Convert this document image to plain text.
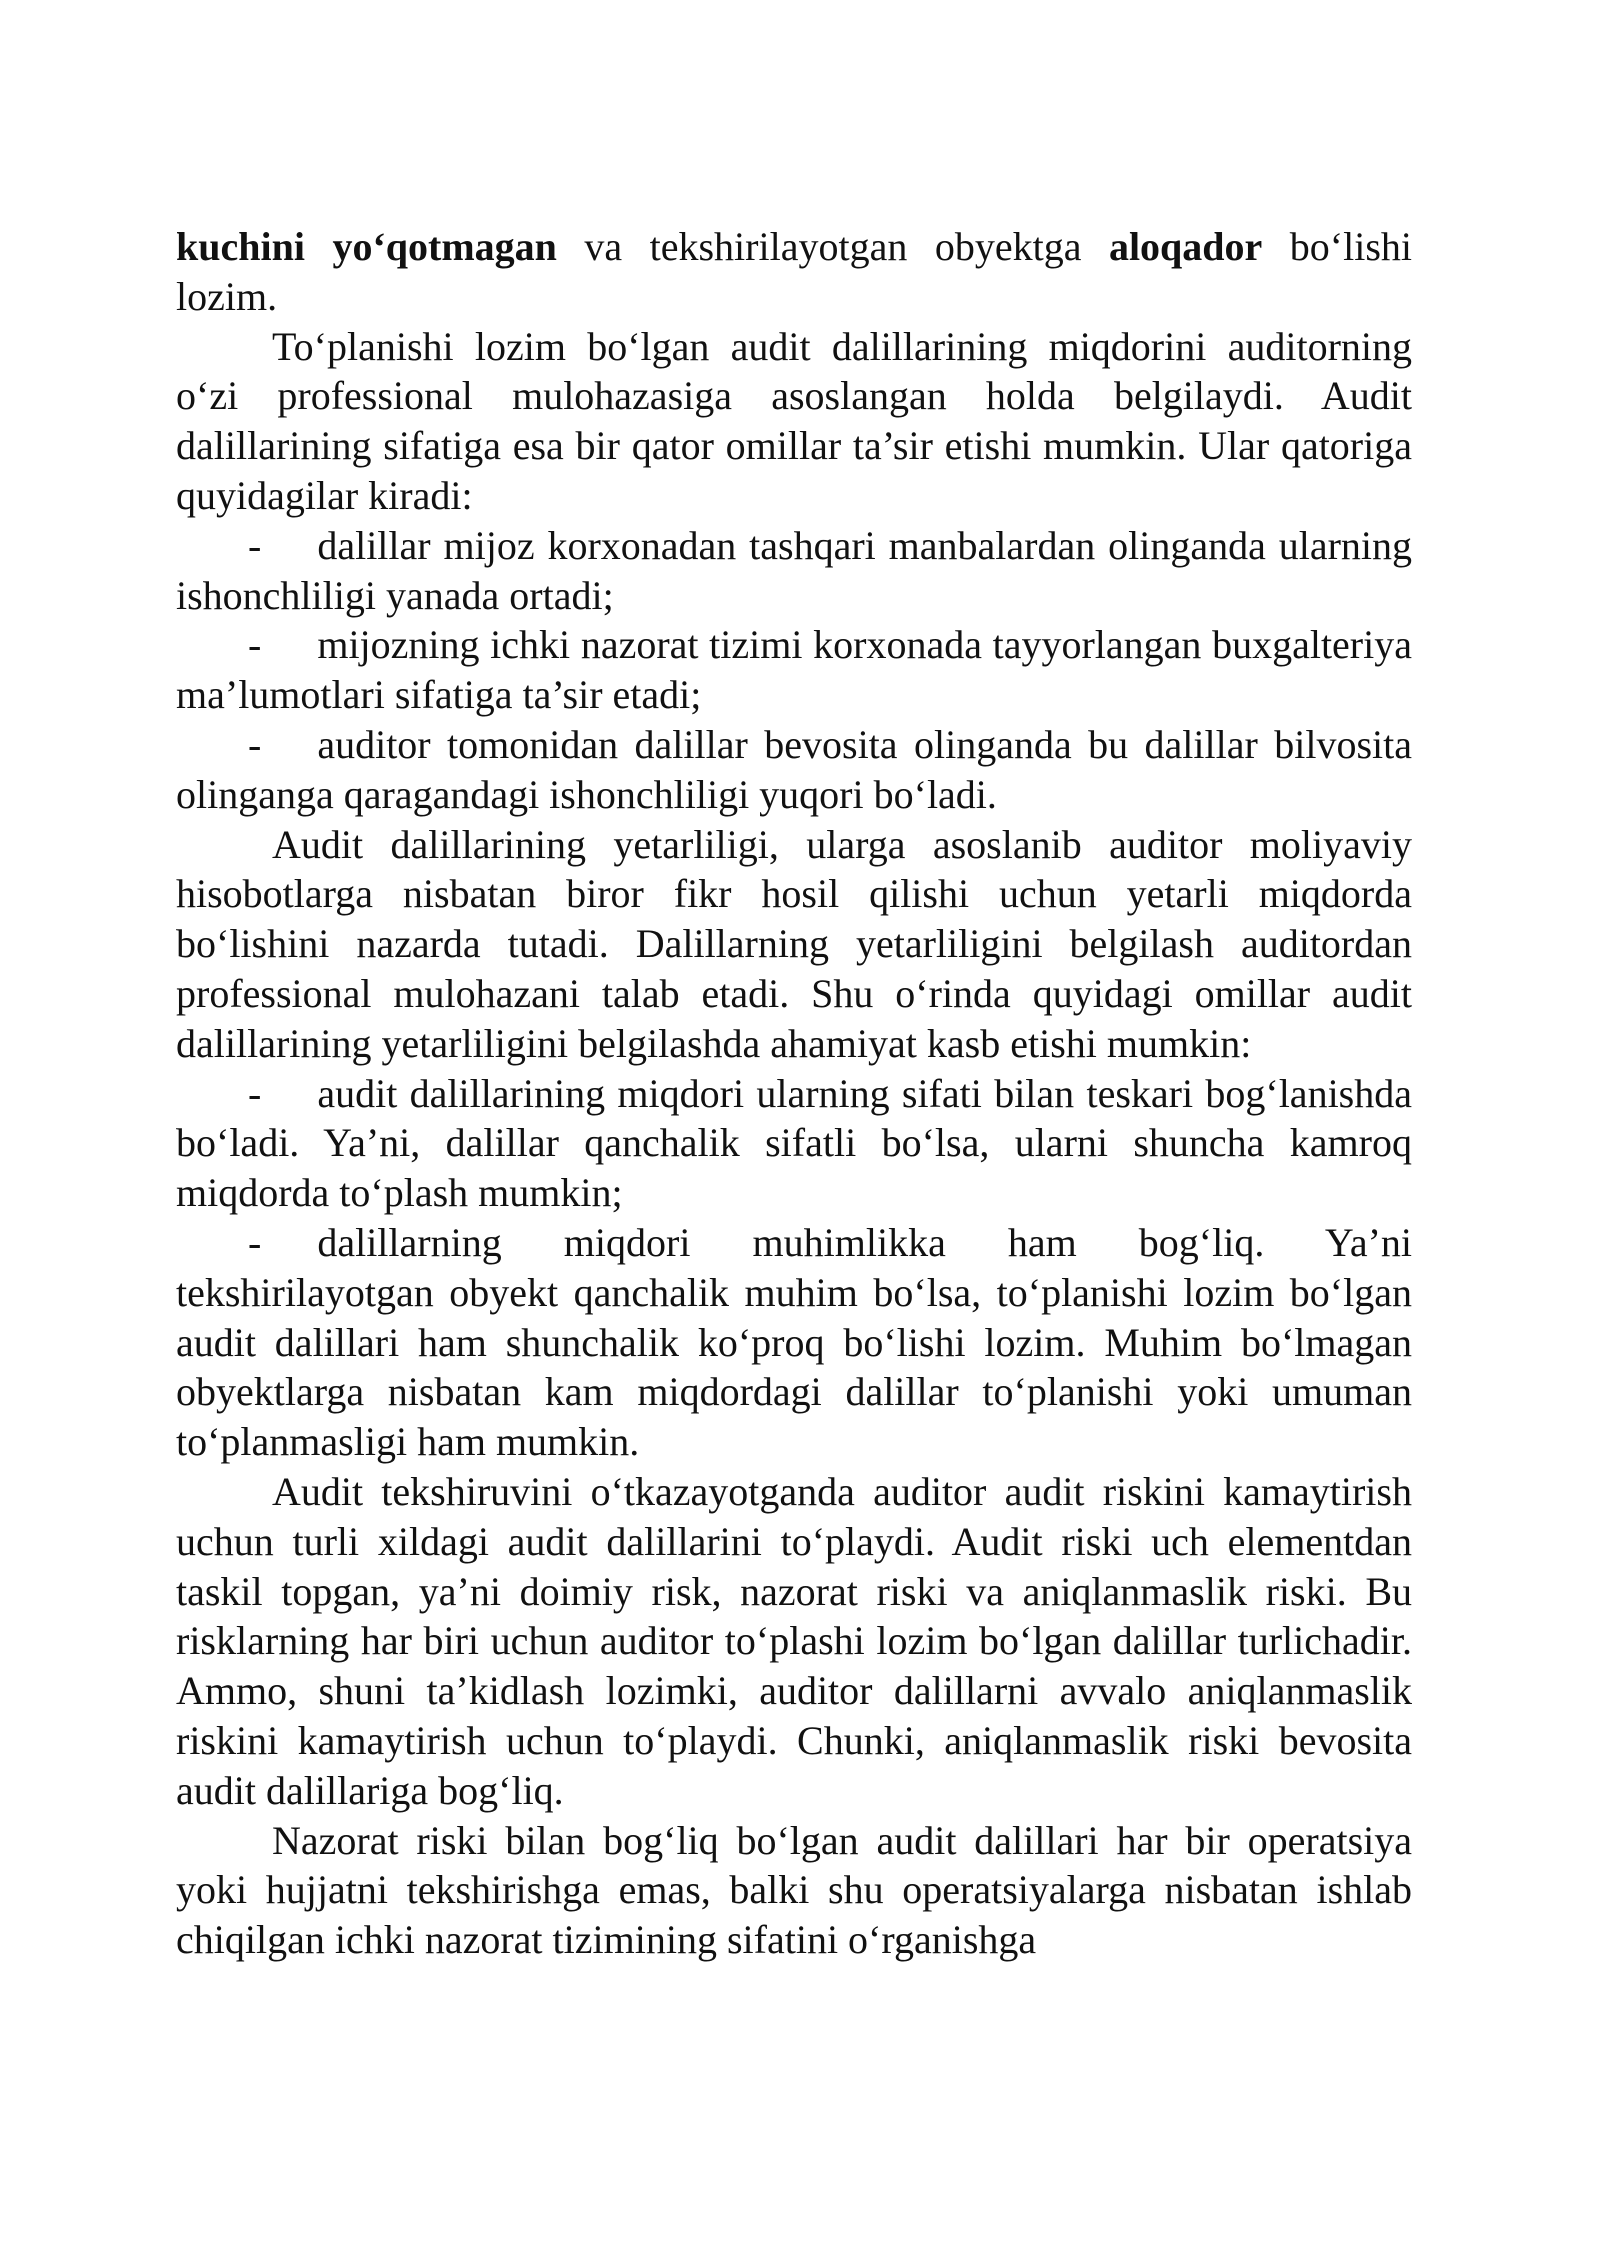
kuchini yo‘qotmagan va tekshirilayotgan obyektga aloqador bo‘lishi lozim.

To‘planishi lozim bo‘lgan audit dalillarining miqdorini auditorning o‘zi professional mulohazasiga asoslangan holda belgilaydi. Audit dalillarining sifatiga esa bir qator omillar ta’sir etishi mumkin. Ular qatoriga quyidagilar kiradi:

- dalillar mijoz korxonadan tashqari manbalardan olinganda ularning ishonchliligi yanada ortadi;

- mijozning ichki nazorat tizimi korxonada tayyorlangan buxgalteriya ma’lumotlari sifatiga ta’sir etadi;

- auditor tomonidan dalillar bevosita olinganda bu dalillar bilvosita olinganga qaragandagi ishonchliligi yuqori bo‘ladi.

Audit dalillarining yetarliligi, ularga asoslanib auditor moliyaviy hisobotlarga nisbatan biror fikr hosil qilishi uchun yetarli miqdorda bo‘lishini nazarda tutadi. Dalillarning yetarliligini belgilash auditordan professional mulohazani talab etadi. Shu o‘rinda quyidagi omillar audit dalillarining yetarliligini belgilashda ahamiyat kasb etishi mumkin:

- audit dalillarining miqdori ularning sifati bilan teskari bog‘lanishda bo‘ladi. Ya’ni, dalillar qanchalik sifatli bo‘lsa, ularni shuncha kamroq miqdorda to‘plash mumkin;

- dalillarning miqdori muhimlikka ham bog‘liq. Ya’ni tekshirilayotgan obyekt qanchalik muhim bo‘lsa, to‘planishi lozim bo‘lgan audit dalillari ham shunchalik ko‘proq bo‘lishi lozim. Muhim bo‘lmagan obyektlarga nisbatan kam miqdordagi dalillar to‘planishi yoki umuman to‘planmasligi ham mumkin.

Audit tekshiruvini o‘tkazayotganda auditor audit riskini kamaytirish uchun turli xildagi audit dalillarini to‘playdi. Audit riski uch elementdan taskil topgan, ya’ni doimiy risk, nazorat riski va aniqlanmaslik riski. Bu risklarning har biri uchun auditor to‘plashi lozim bo‘lgan dalillar turlichadir. Ammo, shuni ta’kidlash lozimki, auditor dalillarni avvalo aniqlanmaslik riskini kamaytirish uchun to‘playdi. Chunki, aniqlanmaslik riski bevosita audit dalillariga bog‘liq.

Nazorat riski bilan bog‘liq bo‘lgan audit dalillari har bir operatsiya yoki hujjatni tekshirishga emas, balki shu operatsiyalarga nisbatan ishlab chiqilgan ichki nazorat tizimining sifatini o‘rganishga
